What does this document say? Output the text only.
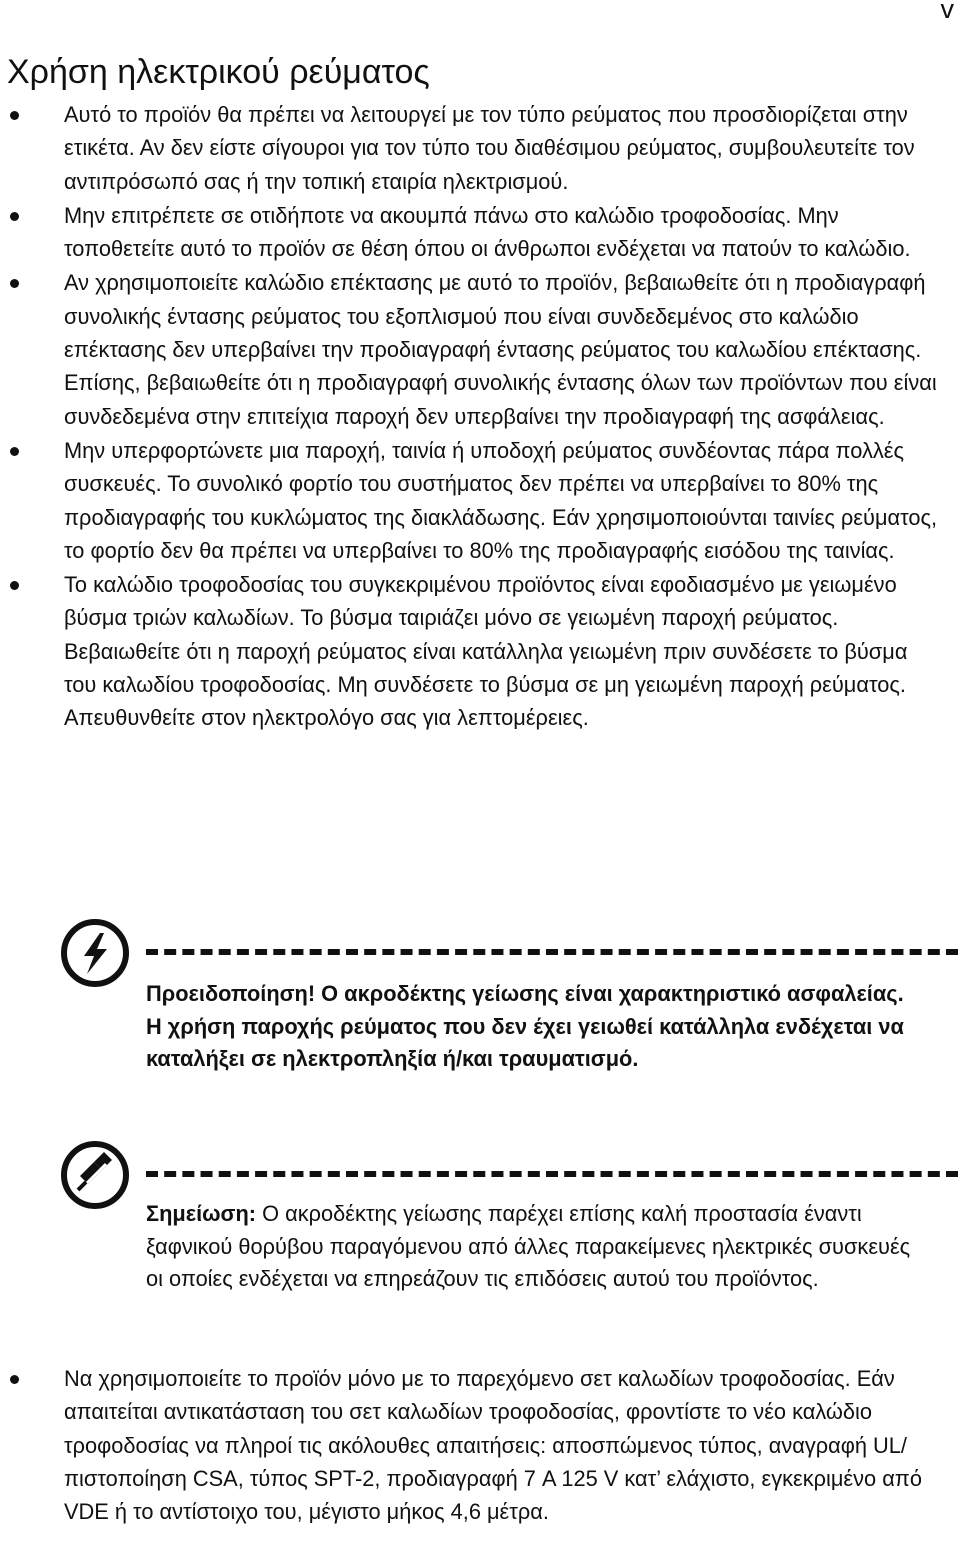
v
Χρήση ηλεκτρικού ρεύματος
Αυτό το προϊόν θα πρέπει να λειτουργεί με τον τύπο ρεύματος που προσδιορίζεται στην ετικέτα. Αν δεν είστε σίγουροι για τον τύπο του διαθέσιμου ρεύματος, συμβουλευτείτε τον αντιπρόσωπό σας ή την τοπική εταιρία ηλεκτρισμού.
Μην επιτρέπετε σε οτιδήποτε να ακουμπά πάνω στο καλώδιο τροφοδοσίας. Μην τοποθετείτε αυτό το προϊόν σε θέση όπου οι άνθρωποι ενδέχεται να πατούν το καλώδιο.
Αν χρησιμοποιείτε καλώδιο επέκτασης με αυτό το προϊόν, βεβαιωθείτε ότι η προδιαγραφή συνολικής έντασης ρεύματος του εξοπλισμού που είναι συνδεδεμένος στο καλώδιο επέκτασης δεν υπερβαίνει την προδιαγραφή έντασης ρεύματος του καλωδίου επέκτασης. Επίσης, βεβαιωθείτε ότι η προδιαγραφή συνολικής έντασης όλων των προϊόντων που είναι συνδεδεμένα στην επιτείχια παροχή δεν υπερβαίνει την προδιαγραφή της ασφάλειας.
Μην υπερφορτώνετε μια παροχή, ταινία ή υποδοχή ρεύματος συνδέοντας πάρα πολλές συσκευές. Το συνολικό φορτίο του συστήματος δεν πρέπει να υπερβαίνει το 80% της προδιαγραφής του κυκλώματος της διακλάδωσης. Εάν χρησιμοποιούνται ταινίες ρεύματος, το φορτίο δεν θα πρέπει να υπερβαίνει το 80% της προδιαγραφής εισόδου της ταινίας.
Το καλώδιο τροφοδοσίας του συγκεκριμένου προϊόντος είναι εφοδιασμένο με γειωμένο βύσμα τριών καλωδίων. Το βύσμα ταιριάζει μόνο σε γειωμένη παροχή ρεύματος. Βεβαιωθείτε ότι η παροχή ρεύματος είναι κατάλληλα γειωμένη πριν συνδέσετε το βύσμα του καλωδίου τροφοδοσίας. Μη συνδέσετε το βύσμα σε μη γειωμένη παροχή ρεύματος. Απευθυνθείτε στον ηλεκτρολόγο σας για λεπτομέρειες.
Προειδοποίηση! Ο ακροδέκτης γείωσης είναι χαρακτηριστικό ασφαλείας. Η χρήση παροχής ρεύματος που δεν έχει γειωθεί κατάλληλα ενδέχεται να καταλήξει σε ηλεκτροπληξία ή/και τραυματισμό.
Σημείωση: Ο ακροδέκτης γείωσης παρέχει επίσης καλή προστασία έναντι ξαφνικού θορύβου παραγόμενου από άλλες παρακείμενες ηλεκτρικές συσκευές οι οποίες ενδέχεται να επηρεάζουν τις επιδόσεις αυτού του προϊόντος.
Να χρησιμοποιείτε το προϊόν μόνο με το παρεχόμενο σετ καλωδίων τροφοδοσίας. Εάν απαιτείται αντικατάσταση του σετ καλωδίων τροφοδοσίας, φροντίστε το νέο καλώδιο τροφοδοσίας να πληροί τις ακόλουθες απαιτήσεις: αποσπώμενος τύπος, αναγραφή UL/πιστοποίηση CSA, τύπος SPT-2, προδιαγραφή 7 A 125 V κατ’ ελάχιστο, εγκεκριμένο από VDE ή το αντίστοιχο του, μέγιστο μήκος 4,6 μέτρα.
